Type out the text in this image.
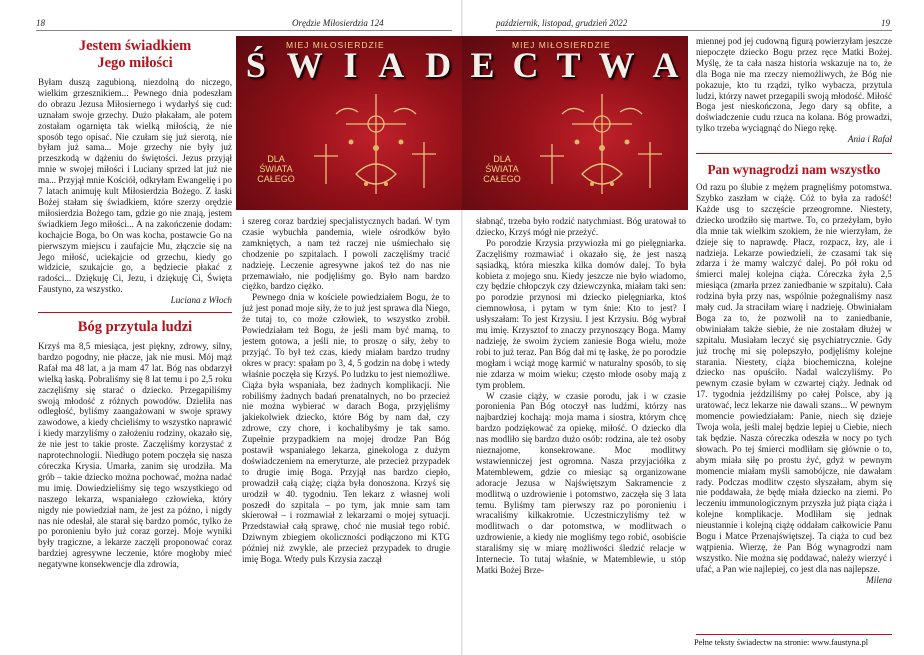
18	Orędzie Miłosierdzia 124	październik, listopad, grudzień 2022	19
MIEJ MIŁOSIERDZIE
Ś W I A D
DLA
ŚWIATA
CAŁEGO
MIEJ MIŁOSIERDZIE
E C T W A
DLA
ŚWIATA
CAŁEGO
Jestem świadkiem
Jego miłości

Byłam duszą zagubioną, niezdolną do niczego, wielkim grzesznikiem... Pewnego dnia podeszłam do obrazu Jezusa Miłosiernego i wydarłyś się cud: uznałam swoje grzechy. Dużo płakałam, ale potem zostałam ogarnięta tak wielką miłością, że nie sposób tego opisać. Nie czułam się już sierotą, nie byłam już sama... Moje grzechy nie były już przeszkodą w dążeniu do świętości. Jezus przyjął mnie w swojej miłości i Luciany sprzed lat już nie ma... Przyjął mnie Kościół, odkryłam Ewangelię i po 7 latach animuję kult Miłosierdzia Bożego. Z łaski Bożej stałam się świadkiem, które szerzy orędzie miłosierdzia Bożego tam, gdzie go nie znają, jestem świadkiem Jego miłości... A na zakończenie dodam: kochajcie Boga, bo On was kocha, postawcie Go na pierwszym miejscu i zaufajcie Mu, złączcie się na Jego miłość, uciekajcie od grzechu, kiedy go widzicie, szukajcie go, a będziecie płakać z radości... Dziękuję Ci, Jezu, i dziękuję Ci, Święta Faustyno, za wszystko.

Luciana z Włoch
Bóg przytula ludzi

Krzyś ma 8,5 miesiąca, jest piękny, zdrowy, silny, bardzo pogodny, nie płacze, jak nie musi. Mój mąż Rafał ma 48 lat, a ja mam 47 lat. Bóg nas obdarzył wielką łaską. Pobraliśmy się 8 lat temu i po 2,5 roku zaczęliśmy się starać o dziecko. Przegapiliśmy swoją młodość z różnych powodów. Dzieliła nas odległość, byliśmy zaangażowani w swoje sprawy zawodowe, a kiedy chcieliśmy to wszystko naprawić i kiedy marzyliśmy o założeniu rodziny, okazało się, że nie jest to takie proste. Zaczęliśmy korzystać z naprotechnologii. Niedługo potem poczęła się nasza córeczka Krysia. Umarła, zanim się urodziła. Ma grób – takie dziecko można pochować, można nadać mu imię. Dowiedzieliśmy się tego wszystkiego od naszego lekarza, wspaniałego człowieka, który nigdy nie powiedział nam, że jest za późno, i nigdy nas nie odesłał, ale starał się bardzo pomóc, tylko że po poronieniu było już coraz gorzej. Moje wyniki były tragiczne, a lekarze zaczęli proponować coraz bardziej agresywne leczenie, które mogłoby mieć negatywne konsekwencje dla zdrowia,

i szereg coraz bardziej specjalistycznych badań. W tym czasie wybuchła pandemia, wiele ośrodków było zamkniętych, a nam też raczej nie uśmiechało się chodzenie po szpitalach. I powoli zaczęliśmy tracić nadzieję. Leczenie agresywne jakoś też do nas nie przemawiało, nie podjęliśmy go. Było nam bardzo ciężko, bardzo ciężko.

Pewnego dnia w kościele powiedziałem Bogu, że to już jest ponad moje siły, że to już jest sprawa dla Niego, że tutaj to, co może człowiek, to wszystko zrobił. Powiedziałam też Bogu, że jeśli mam być mamą, to jestem gotowa, a jeśli nie, to proszę o siły, żeby to przyjąć. To był też czas, kiedy miałam bardzo trudny okres w pracy: spałam po 3, 4, 5 godzin na dobę i wtedy właśnie poczęła się Krzyś. Po ludzku to jest niemożliwe. Ciąża była wspaniała, bez żadnych komplikacji. Nie robiliśmy żadnych badań prenatalnych, no bo przecież nie można wybierać w darach Boga, przyjęliśmy jakiekolwiek dziecko, które Bóg by nam dał, czy zdrowe, czy chore, i kochalibyśmy je tak samo. Zupełnie przypadkiem na mojej drodze Pan Bóg postawił wspaniałego lekarza, ginekologa z dużym doświadczeniem na emeryturze, ale przecież przypadek to drugie imię Boga. Przyjął nas bardzo ciepło, prowadził całą ciążę; ciąża była donoszona. Krzyś się urodził w 40. tygodniu. Ten lekarz z własnej woli poszedł do szpitala – po tym, jak mnie sam tam skierował – i rozmawiał z lekarzami o mojej sytuacji. Przedstawiał całą sprawę, choć nie musiał tego robić. Dziwnym zbiegiem okoliczności podłączono mi KTG później niż zwykle, ale przecież przypadek to drugie imię Boga. Wtedy puls Krzysia zaczął

słabnąć, trzeba było rodzić natychmiast. Bóg uratował to dziecko, Krzyś mógł nie przeżyć.

Po porodzie Krzysia przywiozła mi go pielęgniarka. Zaczęliśmy rozmawiać i okazało się, że jest naszą sąsiadką, która mieszka kilka domów dalej. To była kobieta z mojego snu. Kiedy jeszcze nie było wiadomo, czy będzie chłopczyk czy dziewczynka, miałam taki sen: po porodzie przynosi mi dziecko pielęgniarka, ktoś ciemnowłosa, i pytam w tym śnie: Kto to jest? I usłyszałam: To jest Krzysiu. I jest Krzysiu. Bóg wybrał mu imię. Krzysztof to znaczy przynoszący Boga. Mamy nadzieję, że swoim życiem zaniesie Boga wielu, może robi to już teraz. Pan Bóg dał mi tę łaskę, że po porodzie mogłam i wciąż mogę karmić w naturalny sposób, to się nie zdarza w moim wieku; często młode osoby mają z tym problem.

W czasie ciąży, w czasie porodu, jak i w czasie poronienia Pan Bóg otoczył nas ludźmi, którzy nas najbardziej kochają: moja mama i siostra, którym chcę bardzo podziękować za opiekę, miłość. O dziecko dla nas modliło się bardzo dużo osób: rodzina, ale też osoby nieznajome, konsekrowane. Moc modlitwy wstawienniczej jest ogromna. Nasza przyjaciółka z Matemblewem, gdzie co miesiąc są organizowane adoracje Jezusa w Najświętszym Sakramencie z modlitwą o uzdrowienie i potomstwo, zaczęła się 3 lata temu. Byliśmy tam pierwszy raz po poronieniu i wracaliśmy kilkakrotnie. Uczestniczyliśmy też w modlitwach o dar potomstwa, w modlitwach o uzdrowienie, a kiedy nie mogliśmy tego robić, osobiście staraliśmy się w miarę możliwości śledzić relacje w Internecie. To tutaj właśnie, w Matemblewie, u stóp Matki Bożej Brze-

miennej pod jej cudowną figurą powierzyłam jeszcze niepoczęte dziecko Bogu przez ręce Matki Bożej. Myślę, że ta cała nasza historia wskazuje na to, że dla Boga nie ma rzeczy niemożliwych, że Bóg nie pokazuje, kto tu rządzi, tylko wybacza, przytula ludzi, którzy nawet przegapili swoją młodość. Miłość Boga jest nieskończona, Jego dary są obfite, a doświadczenie cudu rzuca na kolana. Bóg prowadzi, tylko trzeba wyciągnąć do Niego rękę.

Ania i Rafał
Pan wynagrodzi nam wszystko

Od razu po ślubie z mężem pragnęliśmy potomstwa. Szybko zaszłam w ciążę. Cóż to była za radość! Każde usg to szczęście przeogromne. Niestety, dziecko urodziło się martwe. To, co przeżyłam, było dla mnie tak wielkim szokiem, że nie wierzyłam, że dzieje się to naprawdę. Płacz, rozpacz, łzy, ale i nadzieja. Lekarze powiedzieli, że czasami tak się zdarza i że mamy walczyć dalej. Po pół roku od śmierci malej kolejna ciąża. Córeczka żyła 2,5 miesiąca (zmarła przez zaniedbanie w szpitalu). Cała rodzina była przy nas, wspólnie pożegnaliśmy nasz mały cud. Ja straciłam wiarę i nadzieję. Obwiniałam Boga za to, że pozwolił na to zaniedbanie, obwiniałam także siebie, że nie zostałam dłużej w szpitalu. Musiałam leczyć się psychiatrycznie. Gdy już trochę mi się polepszyło, podjęliśmy kolejne starania. Niestety, ciąża biochemiczna, kolejne dziecko nas opuściło. Nadal walczyliśmy. Po pewnym czasie byłam w czwartej ciąży. Jednak od 17. tygodnia jeździliśmy po całej Polsce, aby ją uratować, lecz lekarze nie dawali szans... W pewnym momencie powiedziałam: Panie, niech się dzieje Twoja wola, jeśli malej będzie lepiej u Ciebie, niech tak będzie. Nasza córeczka odeszła w nocy po tych słowach. Po tej śmierci modliłam się głównie o to, abym miała siłę po prostu żyć, gdyż w pewnym momencie miałam myśli samobójcze, nie dawałam rady. Podczas modlitw często słyszałam, abym się nie poddawała, że będę miała dziecko na ziemi. Po leczeniu immunologicznym przyszła już piąta ciąża i kolejne komplikacje. Modliłam się jednak nieustannie i kolejną ciążę oddałam całkowicie Panu Bogu i Matce Przenajświętszej. Ta ciąża to cud bez wątpienia. Wierzę, że Pan Bóg wynagrodzi nam wszystko. Nie można się poddawać, należy wierzyć i ufać, a Pan wie najlepiej, co jest dla nas najlepsze.

Milena
Pełne teksty świadectw na stronie: www.faustyna.pl
